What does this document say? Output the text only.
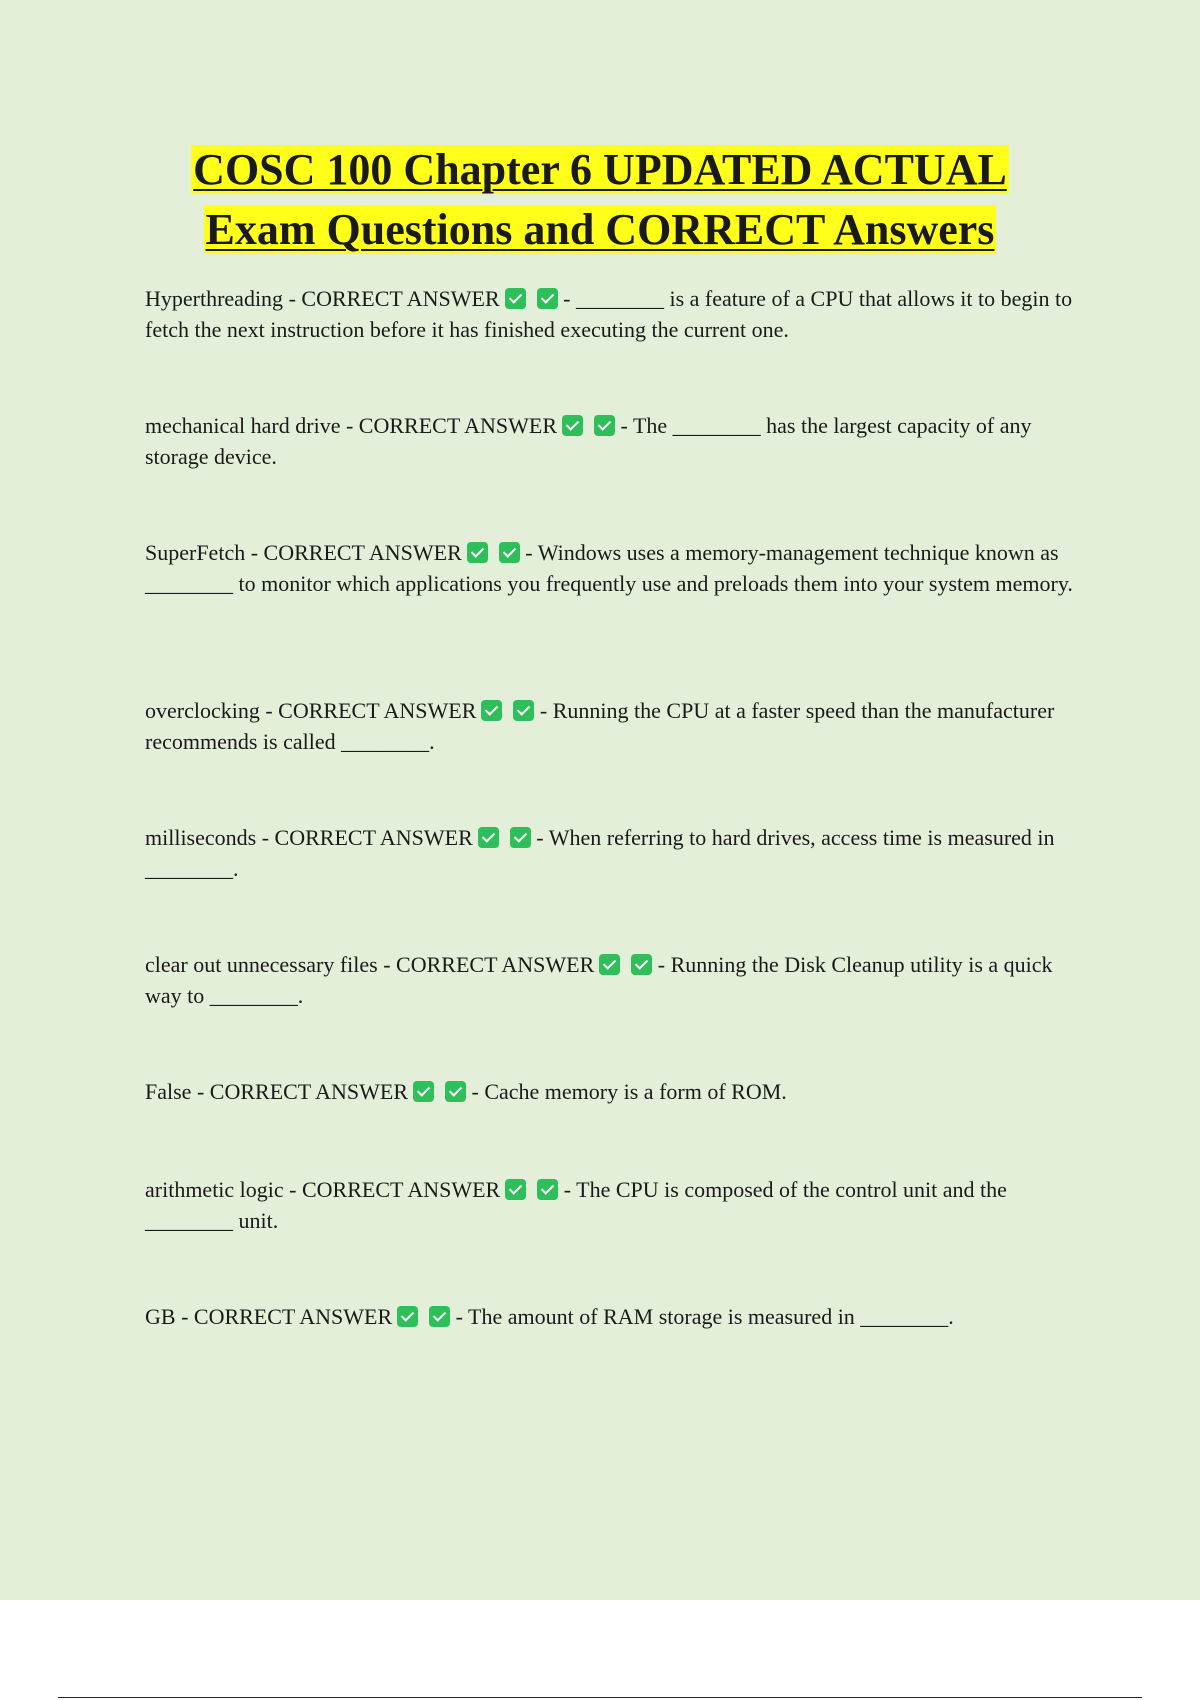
COSC 100 Chapter 6 UPDATED ACTUAL
Exam Questions and CORRECT Answers

Hyperthreading - CORRECT ANSWER	- ________ is a feature of a CPU that allows it to begin to fetch the next instruction before it has finished executing the current one.

mechanical hard drive - CORRECT ANSWER	- The ________ has the largest capacity of any storage device.

SuperFetch - CORRECT ANSWER	- Windows uses a memory-management technique known as ________ to monitor which applications you frequently use and preloads them into your system memory.

overclocking - CORRECT ANSWER	- Running the CPU at a faster speed than the manufacturer recommends is called ________.

milliseconds - CORRECT ANSWER	- When referring to hard drives, access time is measured in ________.

clear out unnecessary files - CORRECT ANSWER	- Running the Disk Cleanup utility is a quick way to ________.

False - CORRECT ANSWER	- Cache memory is a form of ROM.

arithmetic logic - CORRECT ANSWER	- The CPU is composed of the control unit and the ________ unit.

GB - CORRECT ANSWER	- The amount of RAM storage is measured in ________.
